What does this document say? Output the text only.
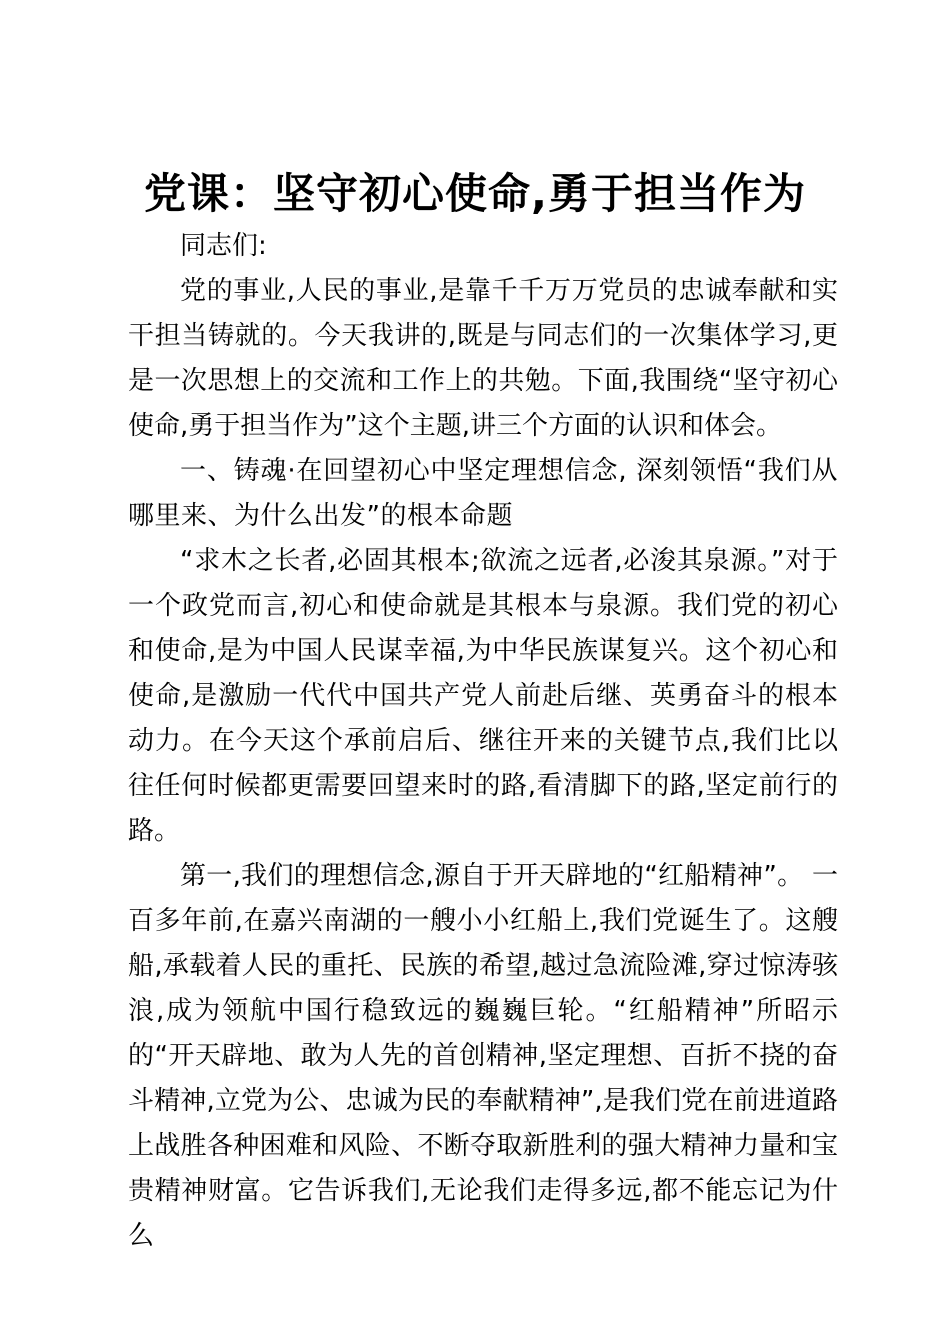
党课：坚守初心使命,勇于担当作为

同志们:

党的事业,人民的事业,是靠千千万万党员的忠诚奉献和实干担当铸就的。今天我讲的,既是与同志们的一次集体学习,更是一次思想上的交流和工作上的共勉。下面,我围绕“坚守初心使命,勇于担当作为”这个主题,讲三个方面的认识和体会。

一、铸魂·在回望初心中坚定理想信念, 深刻领悟“我们从哪里来、为什么出发”的根本命题

“求木之长者,必固其根本;欲流之远者,必浚其泉源。”对于一个政党而言,初心和使命就是其根本与泉源。我们党的初心和使命,是为中国人民谋幸福,为中华民族谋复兴。这个初心和使命,是激励一代代中国共产党人前赴后继、英勇奋斗的根本动力。在今天这个承前启后、继往开来的关键节点,我们比以往任何时候都更需要回望来时的路,看清脚下的路,坚定前行的路。

第一,我们的理想信念,源自于开天辟地的“红船精神”。 一百多年前,在嘉兴南湖的一艘小小红船上,我们党诞生了。这艘船,承载着人民的重托、民族的希望,越过急流险滩,穿过惊涛骇浪,成为领航中国行稳致远的巍巍巨轮。“红船精神”所昭示的“开天辟地、敢为人先的首创精神,坚定理想、百折不挠的奋斗精神,立党为公、忠诚为民的奉献精神”,是我们党在前进道路上战胜各种困难和风险、不断夺取新胜利的强大精神力量和宝贵精神财富。它告诉我们,无论我们走得多远,都不能忘记为什么
